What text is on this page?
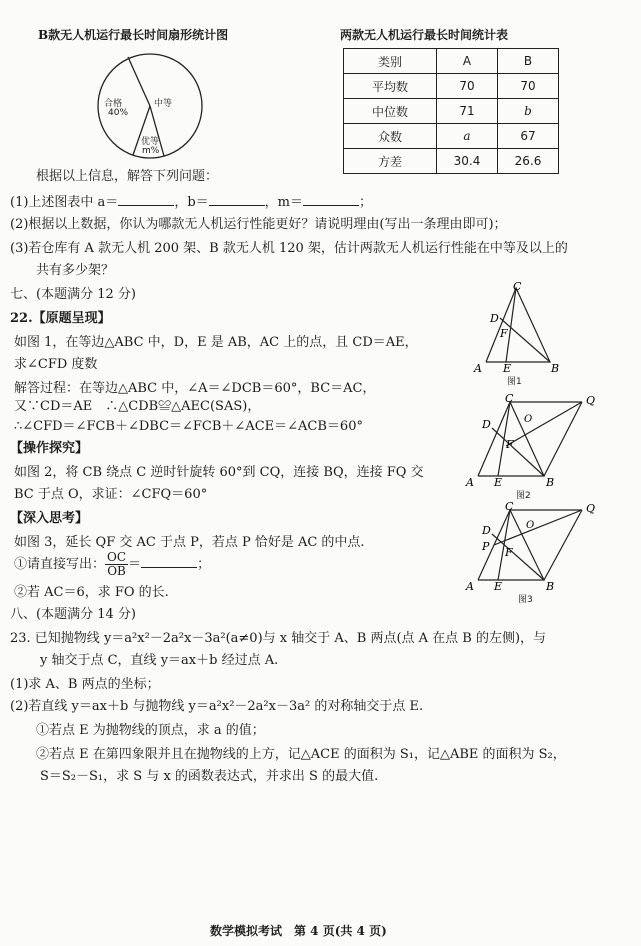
B款无人机运行最长时间扇形统计图
合格
40%
中等
优等
m%
两款无人机运行最长时间统计表
类别	A	B
平均数	70	70
中位数	71	b
众数	a	67
方差	30.4	26.6
根据以上信息，解答下列问题：
(1)上述图表中 a＝	，b＝	，m＝	；
(2)根据以上数据，你认为哪款无人机运行性能更好？请说明理由(写出一条理由即可)；
(3)若仓库有 A 款无人机 200 架、B 款无人机 120 架，估计两款无人机运行性能在中等及以上的
共有多少架？
七、(本题满分 12 分)
22.【原题呈现】
如图 1，在等边△ABC 中，D，E 是 AB，AC 上的点，且 CD＝AE，
求∠CFD 度数
解答过程：在等边△ABC 中，∠A＝∠DCB＝60°，BC＝AC，
又∵CD＝AE　∴△CDB≌△AEC(SAS)，
∴∠CFD＝∠FCB＋∠DBC＝∠FCB＋∠ACE＝∠ACB＝60°
【操作探究】
如图 2，将 CB 绕点 C 逆时针旋转 60°到 CQ，连接 BQ，连接 FQ 交
BC 于点 O，求证：∠CFQ＝60°
【深入思考】
如图 3，延长 QF 交 AC 于点 P，若点 P 恰好是 AC 的中点.
①请直接写出： $\frac{OC}{OB}$ ＝	；
②若 AC＝6，求 FO 的长.
八、(本题满分 14 分)
23. 已知抛物线 y＝a²x²－2a²x－3a²(a≠0)与 x 轴交于 A、B 两点(点 A 在点 B 的左侧)，与
y 轴交于点 C，直线 y＝ax＋b 经过点 A.
(1)求 A、B 两点的坐标；
(2)若直线 y＝ax＋b 与抛物线 y＝a²x²－2a²x－3a² 的对称轴交于点 E.
①若点 E 为抛物线的顶点，求 a 的值；
②若点 E 在第四象限并且在抛物线的上方，记△ACE 的面积为 S₁，记△ABE 的面积为 S₂，
S＝S₂－S₁，求 S 与 x 的函数表达式，并求出 S 的最大值.
C
D
F
A E	B
图1
C	Q
D	O
F
A E	B
图2
C	Q
D	O
P F
A E	B
图3
数学模拟考试　第 4 页(共 4 页)
